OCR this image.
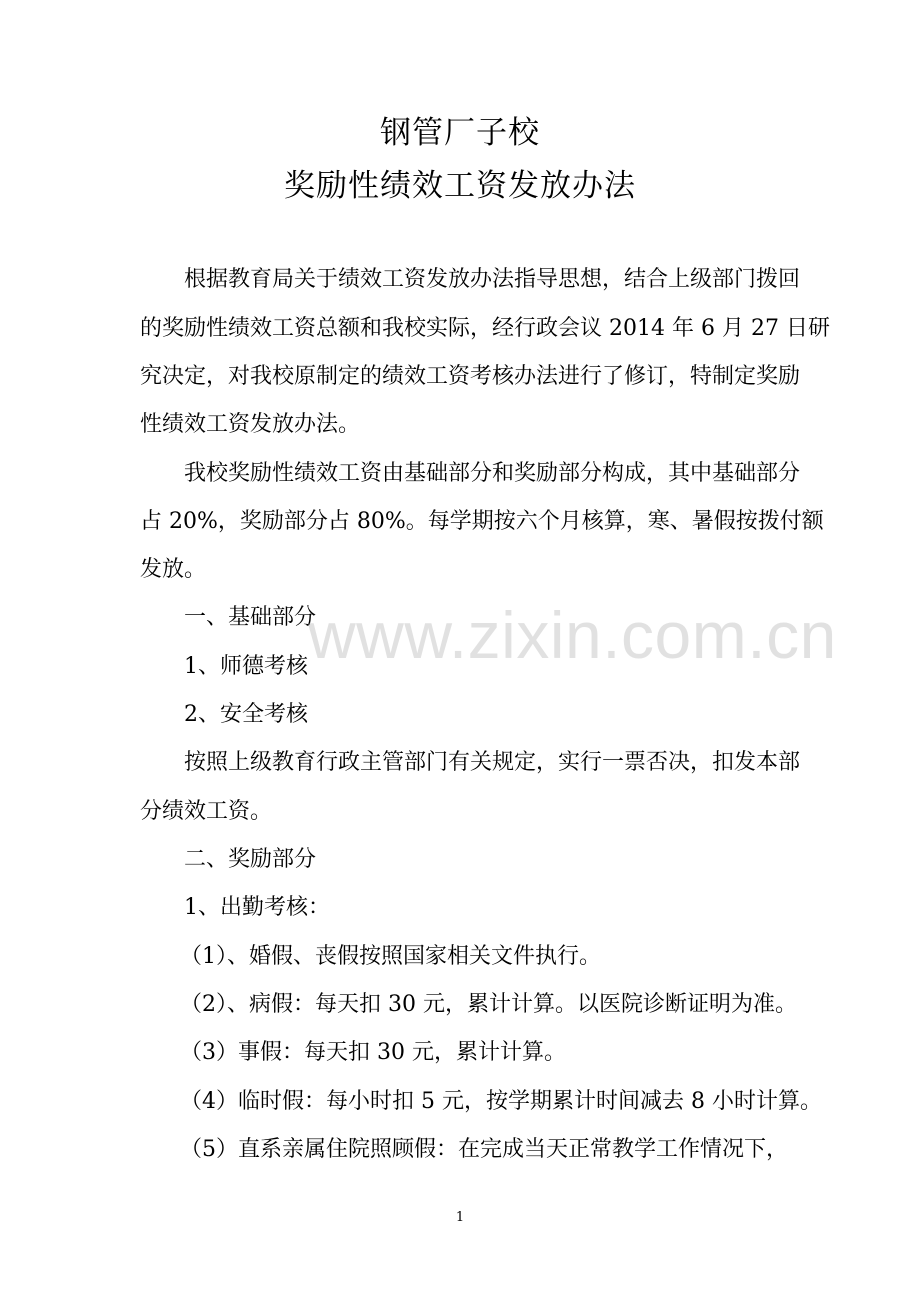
钢管厂子校
奖励性绩效工资发放办法
根据教育局关于绩效工资发放办法指导思想，结合上级部门拨回
的奖励性绩效工资总额和我校实际，经行政会议 2014 年 6 月 27 日研
究决定，对我校原制定的绩效工资考核办法进行了修订，特制定奖励
性绩效工资发放办法。
我校奖励性绩效工资由基础部分和奖励部分构成，其中基础部分
占 20%，奖励部分占 80%。每学期按六个月核算，寒、暑假按拨付额
发放。
一、基础部分
1、师德考核
2、安全考核
按照上级教育行政主管部门有关规定，实行一票否决，扣发本部
分绩效工资。
二、奖励部分
1、出勤考核：
（1）、婚假、丧假按照国家相关文件执行。
（2）、病假：每天扣 30 元，累计计算。以医院诊断证明为准。
（3）事假：每天扣 30 元，累计计算。
（4）临时假：每小时扣 5 元，按学期累计时间减去 8 小时计算。
（5）直系亲属住院照顾假：在完成当天正常教学工作情况下，
1
www.zixin.com.cn
